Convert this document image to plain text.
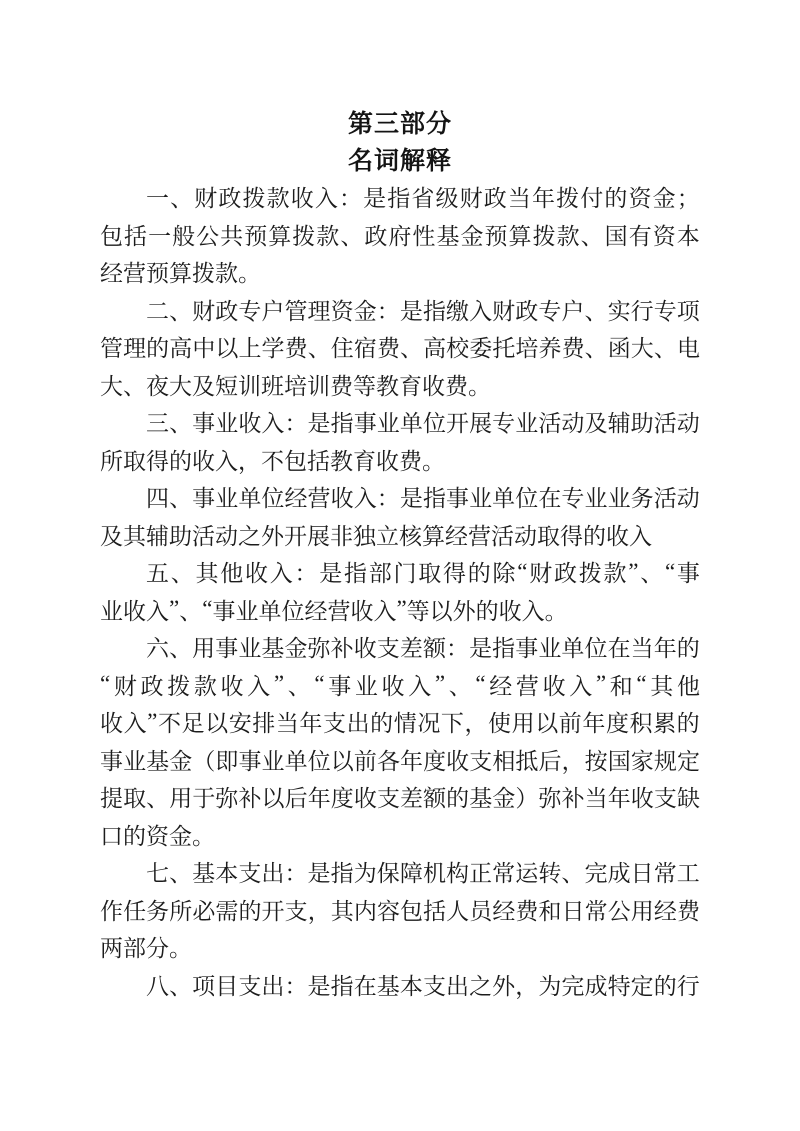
第三部分
名词解释
一 、 财 政 拨 款 收 入 ： 是 指 省 级 财 政 当 年 拨 付 的 资 金 ；
包 括 一 般 公 共 预 算 拨 款 、 政 府 性 基 金 预 算 拨 款 、 国 有 资 本
经 营 预 算 拨 款 。
二 、 财 政 专 户 管 理 资 金 ： 是 指 缴 入 财 政 专 户 、 实 行 专 项
管 理 的 高 中 以 上 学 费 、 住 宿 费 、 高 校 委 托 培 养 费 、 函 大 、 电
大 、 夜 大 及 短 训 班 培 训 费 等 教 育 收 费 。
三 、 事 业 收 入 ： 是 指 事 业 单 位 开 展 专 业 活 动 及 辅 助 活 动
所 取 得 的 收 入 ， 不 包 括 教 育 收 费 。
四 、 事 业 单 位 经 营 收 入 ： 是 指 事 业 单 位 在 专 业 业 务 活 动
及 其 辅 助 活 动 之 外 开 展 非 独 立 核 算 经 营 活 动 取 得 的 收 入
五 、 其 他 收 入 ： 是 指 部 门 取 得 的 除 “ 财 政 拨 款 ” 、 “ 事
业 收 入 ” 、 “ 事 业 单 位 经 营 收 入 ” 等 以 外 的 收 入 。
六 、 用 事 业 基 金 弥 补 收 支 差 额 ： 是 指 事 业 单 位 在 当 年 的
“ 财 政 拨 款 收 入 ” 、 “ 事 业 收 入 ” 、 “ 经 营 收 入 ” 和 “ 其 他
收 入 ” 不 足 以 安 排 当 年 支 出 的 情 况 下 ， 使 用 以 前 年 度 积 累 的
事 业 基 金 （ 即 事 业 单 位 以 前 各 年 度 收 支 相 抵 后 ， 按 国 家 规 定
提 取 、 用 于 弥 补 以 后 年 度 收 支 差 额 的 基 金 ） 弥 补 当 年 收 支 缺
口 的 资 金 。
七 、 基 本 支 出 ： 是 指 为 保 障 机 构 正 常 运 转 、 完 成 日 常 工
作 任 务 所 必 需 的 开 支 ， 其 内 容 包 括 人 员 经 费 和 日 常 公 用 经 费
两 部 分 。
八 、 项 目 支 出 ： 是 指 在 基 本 支 出 之 外 ， 为 完 成 特 定 的 行
